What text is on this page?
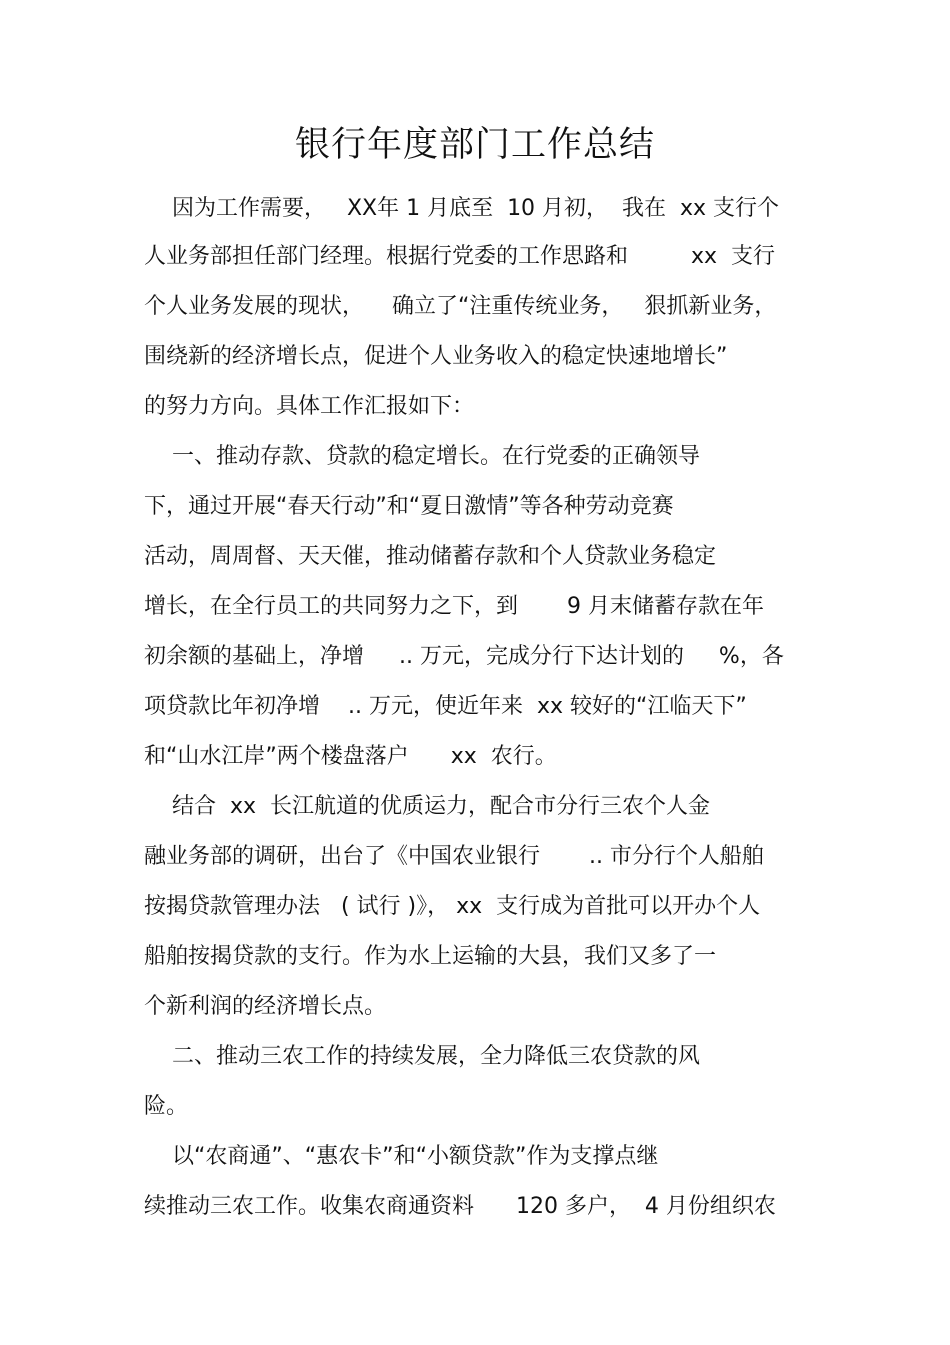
银行年度部门工作总结

因为工作需要，   XX年 1 月底至  10 月初，  我在  xx 支行个

人业务部担任部门经理。根据行党委的工作思路和         xx  支行

个人业务发展的现状，    确立了“注重传统业务，   狠抓新业务，

围绕新的经济增长点，促进个人业务收入的稳定快速地增长”

的努力方向。具体工作汇报如下：

一、推动存款、贷款的稳定增长。在行党委的正确领导

下，通过开展“春天行动”和“夏日激情”等各种劳动竞赛

活动，周周督、天天催，推动储蓄存款和个人贷款业务稳定

增长，在全行员工的共同努力之下，到       9 月末储蓄存款在年

初余额的基础上，净增     .. 万元，完成分行下达计划的     %，各

项贷款比年初净增    .. 万元，使近年来  xx 较好的“江临天下”

和“山水江岸”两个楼盘落户      xx  农行。

结合  xx  长江航道的优质运力，配合市分行三农个人金

融业务部的调研，出台了《中国农业银行       .. 市分行个人船舶

按揭贷款管理办法   ( 试行 )》， xx  支行成为首批可以开办个人

船舶按揭贷款的支行。作为水上运输的大县，我们又多了一

个新利润的经济增长点。

二、推动三农工作的持续发展，全力降低三农贷款的风

险。

以“农商通”、“惠农卡”和“小额贷款”作为支撑点继

续推动三农工作。收集农商通资料      120 多户，  4 月份组织农
